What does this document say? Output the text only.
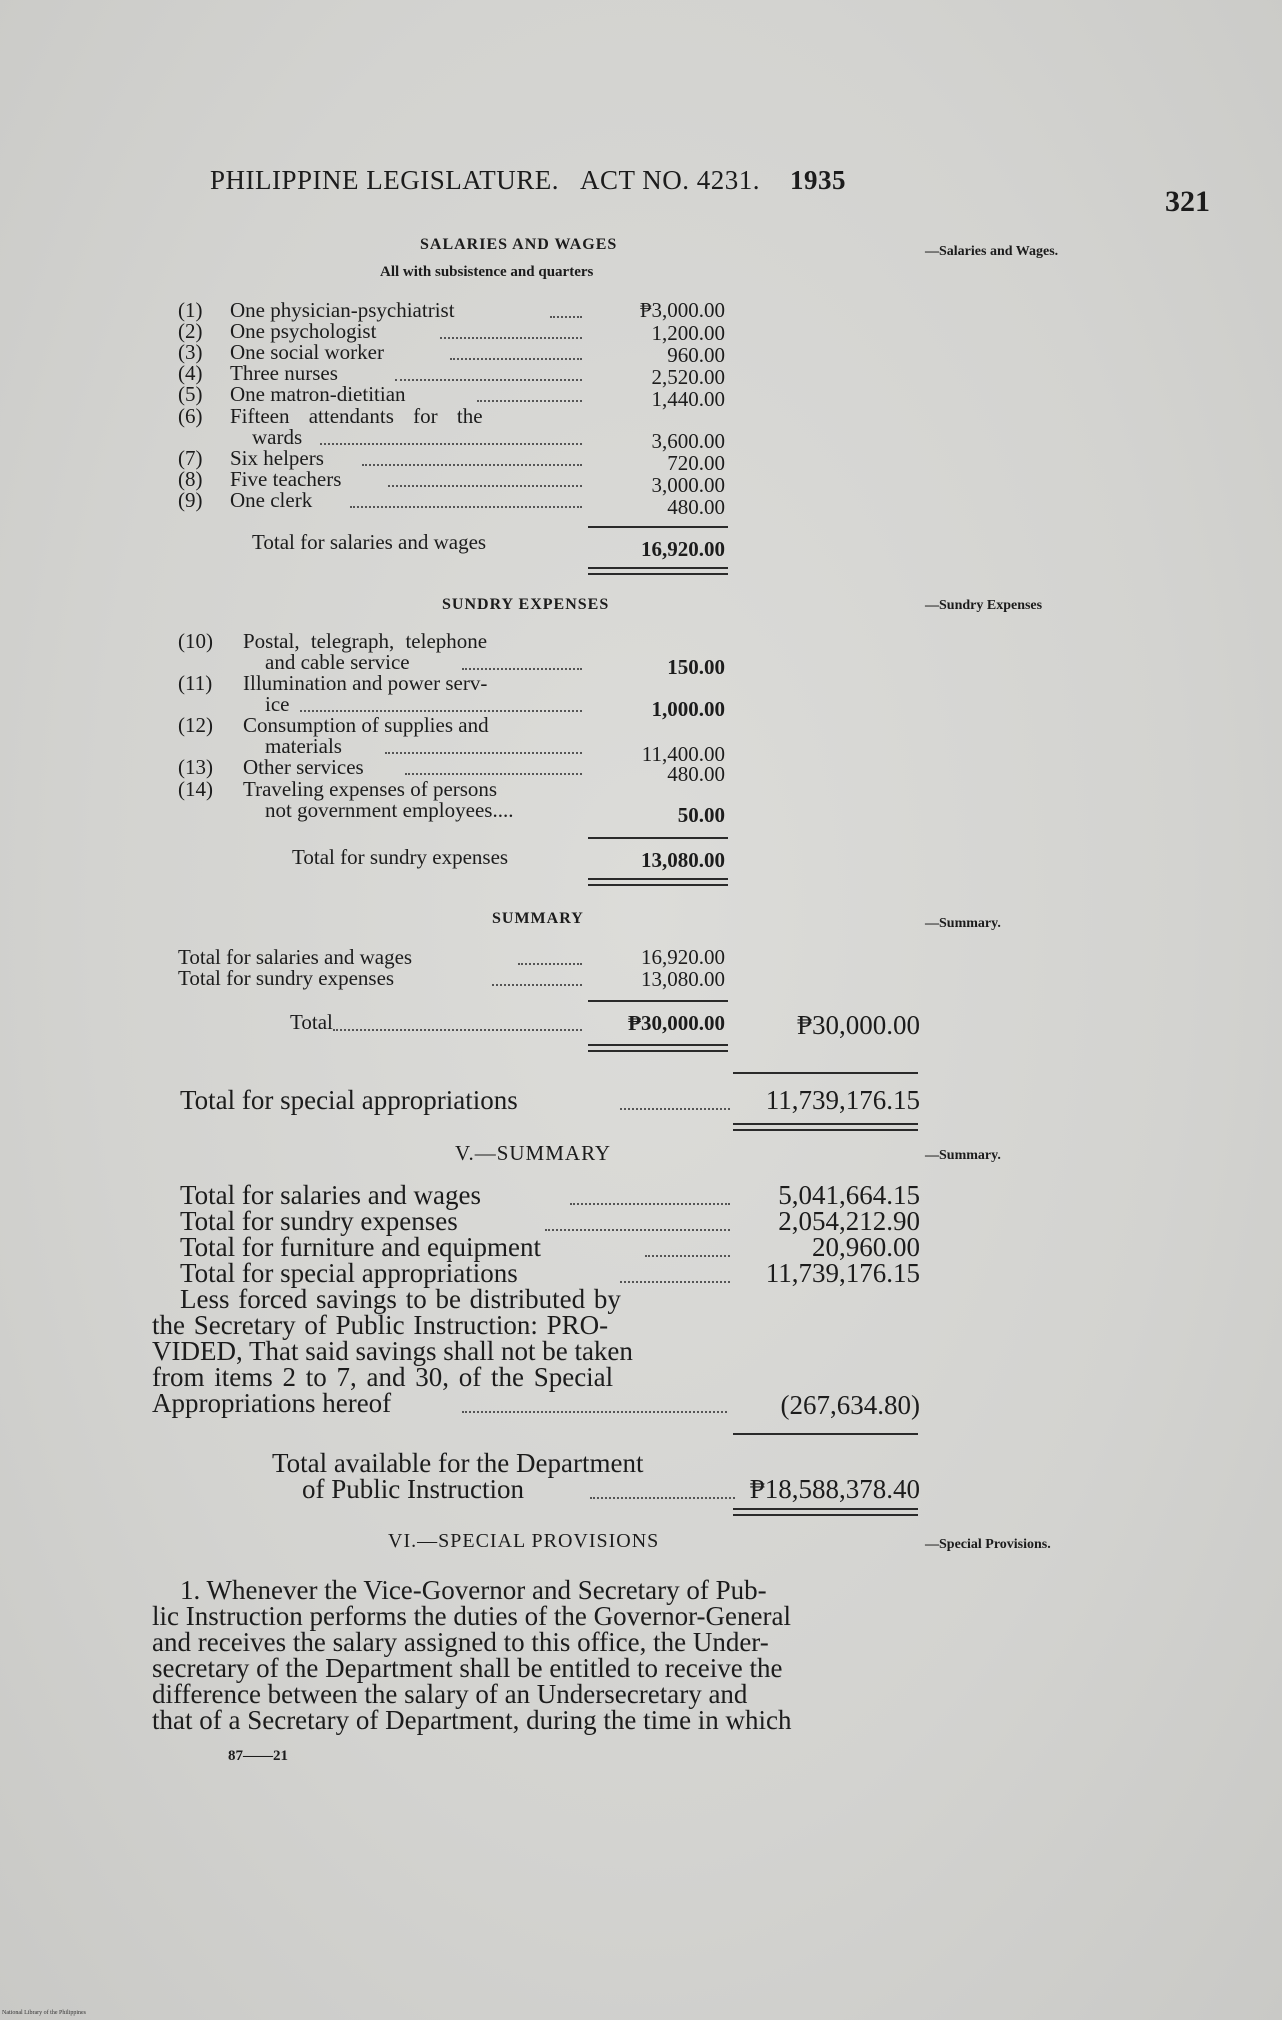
PHILIPPINE LEGISLATURE. ACT NO. 4231. 1935
321
SALARIES AND WAGES	—Salaries and Wages.
All with subsistence and quarters
(1) One physician-psychiatrist	₱3,000.00
(2) One psychologist	1,200.00
(3) One social worker	960.00
(4) Three nurses	2,520.00
(5) One matron-dietitian	1,440.00
(6) Fifteen attendants for the
wards	3,600.00
(7) Six helpers	720.00
(8) Five teachers	3,000.00
(9) One clerk	480.00
Total for salaries and wages	16,920.00
SUNDRY EXPENSES	—Sundry Expenses
(10) Postal, telegraph, telephone
and cable service	150.00
(11) Illumination and power serv-
ice	1,000.00
(12) Consumption of supplies and
materials	11,400.00
(13) Other services	480.00
(14) Traveling expenses of persons
not government employees....	50.00
Total for sundry expenses	13,080.00
SUMMARY	—Summary.
Total for salaries and wages	16,920.00
Total for sundry expenses	13,080.00
Total	₱30,000.00	₱30,000.00
Total for special appropriations	11,739,176.15
V.—SUMMARY	—Summary.
Total for salaries and wages	5,041,664.15
Total for sundry expenses	2,054,212.90
Total for furniture and equipment	20,960.00
Total for special appropriations	11,739,176.15
Less forced savings to be distributed by
the Secretary of Public Instruction: PRO-
VIDED, That said savings shall not be taken
from items 2 to 7, and 30, of the Special
Appropriations hereof	(267,634.80)
Total available for the Department
of Public Instruction	₱18,588,378.40
VI.—SPECIAL PROVISIONS	—Special Provisions.
1. Whenever the Vice-Governor and Secretary of Pub-
lic Instruction performs the duties of the Governor-General
and receives the salary assigned to this office, the Under-
secretary of the Department shall be entitled to receive the
difference between the salary of an Undersecretary and
that of a Secretary of Department, during the time in which
87——21
National Library of the Philippines
